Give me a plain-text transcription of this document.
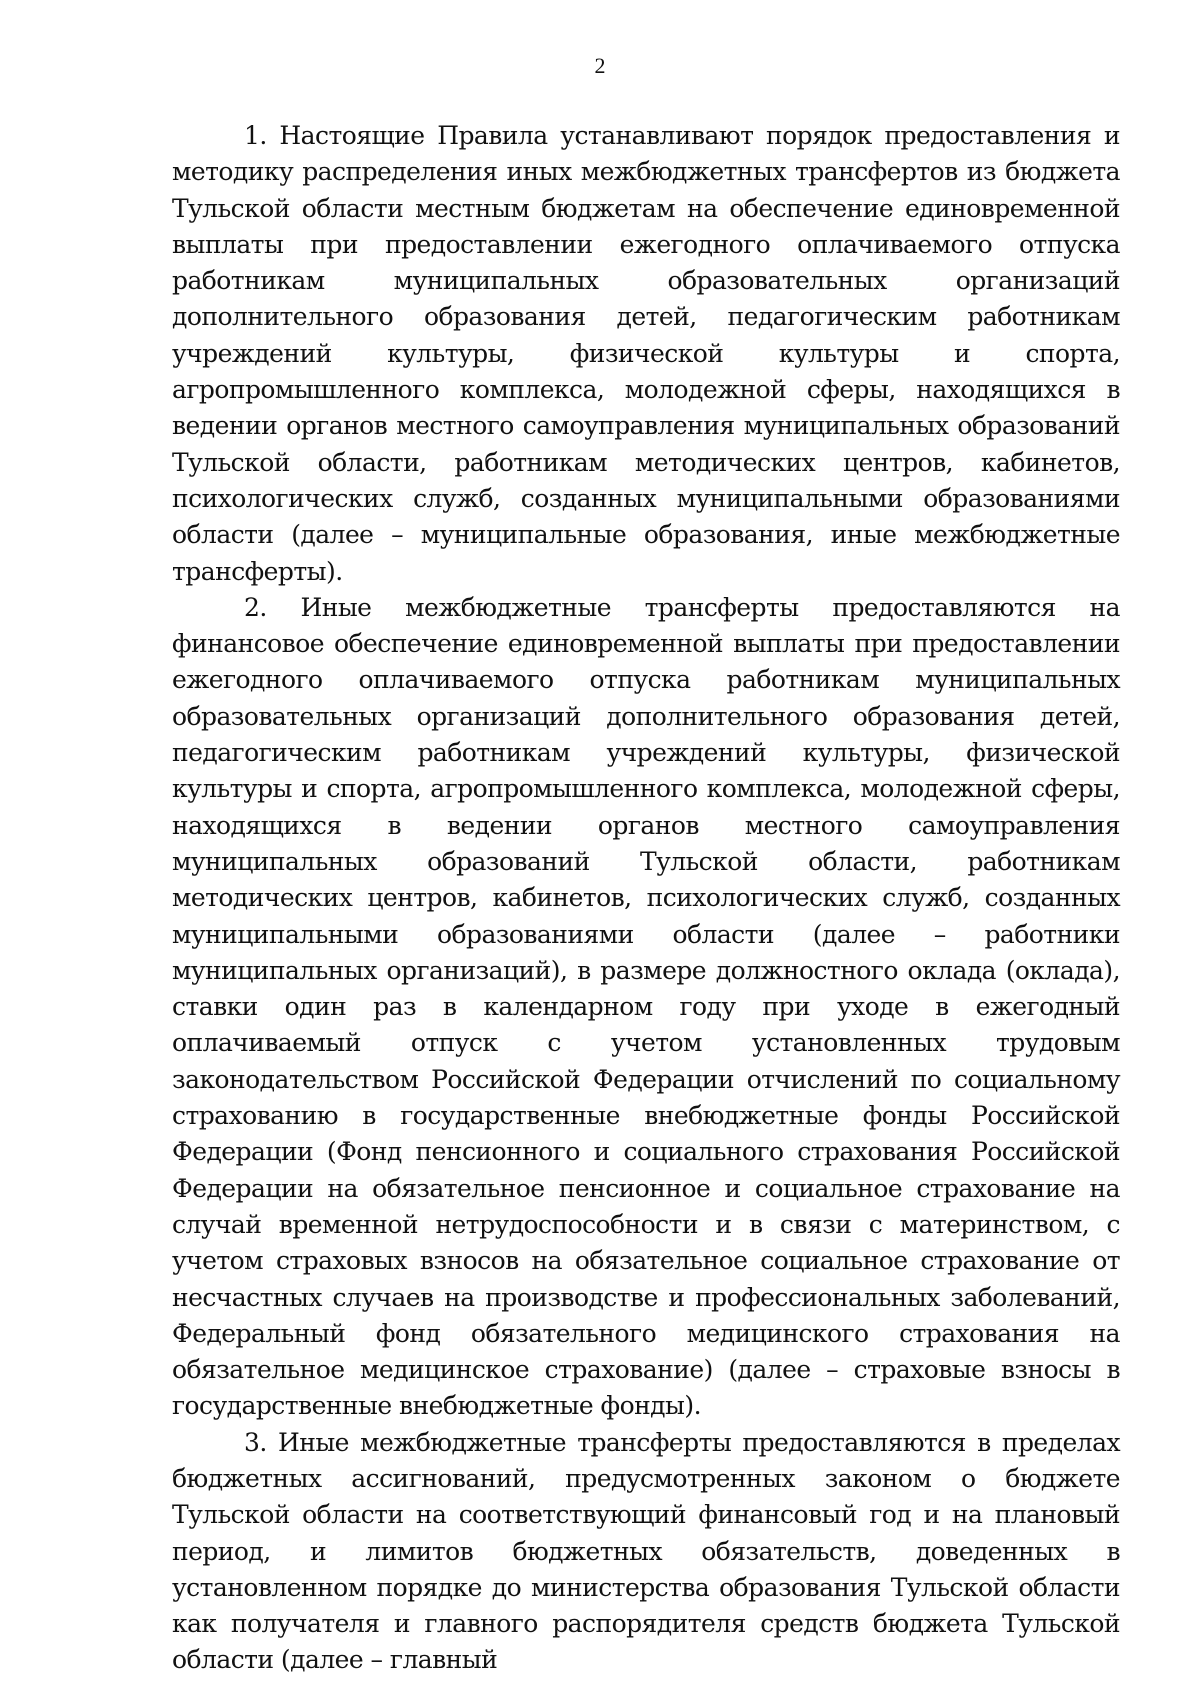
2

1. Настоящие Правила устанавливают порядок предоставления и методику распределения иных межбюджетных трансфертов из бюджета Тульской области местным бюджетам на обеспечение единовременной выплаты при предоставлении ежегодного оплачиваемого отпуска работникам муниципальных образовательных организаций дополнительного образования детей, педагогическим работникам учреждений культуры, физической культуры и спорта, агропромышленного комплекса, молодежной сферы, находящихся в ведении органов местного самоуправления муниципальных образований Тульской области, работникам методических центров, кабинетов, психологических служб, созданных муниципальными образованиями области (далее – муниципальные образования, иные межбюджетные трансферты).

2. Иные межбюджетные трансферты предоставляются на финансовое обеспечение единовременной выплаты при предоставлении ежегодного оплачиваемого отпуска работникам муниципальных образовательных организаций дополнительного образования детей, педагогическим работникам учреждений культуры, физической культуры и спорта, агропромышленного комплекса, молодежной сферы, находящихся в ведении органов местного самоуправления муниципальных образований Тульской области, работникам методических центров, кабинетов, психологических служб, созданных муниципальными образованиями области (далее – работники муниципальных организаций), в размере должностного оклада (оклада), ставки один раз в календарном году при уходе в ежегодный оплачиваемый отпуск с учетом установленных трудовым законодательством Российской Федерации отчислений по социальному страхованию в государственные внебюджетные фонды Российской Федерации (Фонд пенсионного и социального страхования Российской Федерации на обязательное пенсионное и социальное страхование на случай временной нетрудоспособности и в связи с материнством, с учетом страховых взносов на обязательное социальное страхование от несчастных случаев на производстве и профессиональных заболеваний, Федеральный фонд обязательного медицинского страхования на обязательное медицинское страхование) (далее – страховые взносы в государственные внебюджетные фонды).

3. Иные межбюджетные трансферты предоставляются в пределах бюджетных ассигнований, предусмотренных законом о бюджете Тульской области на соответствующий финансовый год и на плановый период, и лимитов бюджетных обязательств, доведенных в установленном порядке до министерства образования Тульской области как получателя и главного распорядителя средств бюджета Тульской области (далее – главный
